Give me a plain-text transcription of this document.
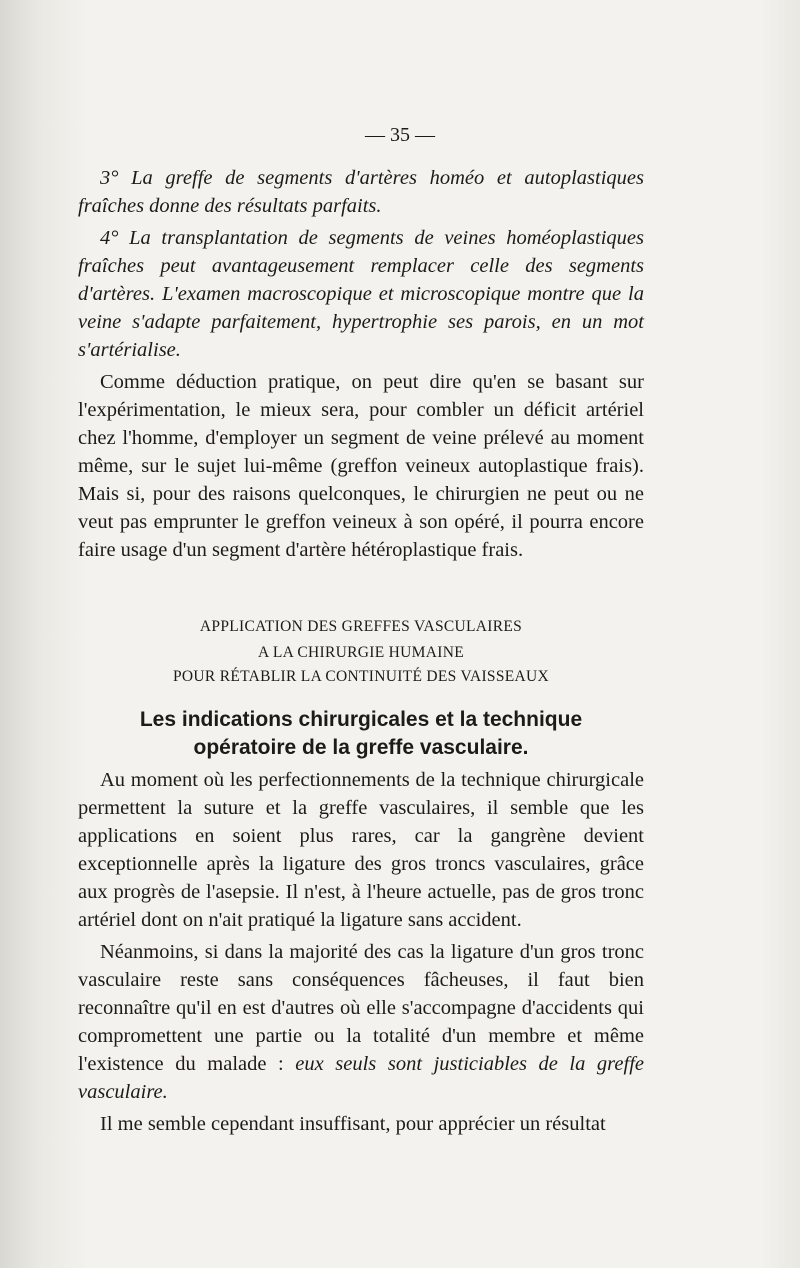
— 35 —

3° La greffe de segments d'artères homéo et autoplastiques fraîches donne des résultats parfaits.

4° La transplantation de segments de veines homéoplastiques fraîches peut avantageusement remplacer celle des segments d'artères. L'examen macroscopique et microscopique montre que la veine s'adapte parfaitement, hypertrophie ses parois, en un mot s'artérialise.

Comme déduction pratique, on peut dire qu'en se basant sur l'expérimentation, le mieux sera, pour combler un déficit artériel chez l'homme, d'employer un segment de veine prélevé au moment même, sur le sujet lui-même (greffon veineux autoplastique frais). Mais si, pour des raisons quelconques, le chirurgien ne peut ou ne veut pas emprunter le greffon veineux à son opéré, il pourra encore faire usage d'un segment d'artère hétéroplastique frais.

APPLICATION DES GREFFES VASCULAIRES
A LA CHIRURGIE HUMAINE
POUR RÉTABLIR LA CONTINUITÉ DES VAISSEAUX
Les indications chirurgicales et la technique
opératoire de la greffe vasculaire.

Au moment où les perfectionnements de la technique chirurgicale permettent la suture et la greffe vasculaires, il semble que les applications en soient plus rares, car la gangrène devient exceptionnelle après la ligature des gros troncs vasculaires, grâce aux progrès de l'asepsie. Il n'est, à l'heure actuelle, pas de gros tronc artériel dont on n'ait pratiqué la ligature sans accident.

Néanmoins, si dans la majorité des cas la ligature d'un gros tronc vasculaire reste sans conséquences fâcheuses, il faut bien reconnaître qu'il en est d'autres où elle s'accompagne d'accidents qui compromettent une partie ou la totalité d'un membre et même l'existence du malade : eux seuls sont justiciables de la greffe vasculaire.

Il me semble cependant insuffisant, pour apprécier un résultat
